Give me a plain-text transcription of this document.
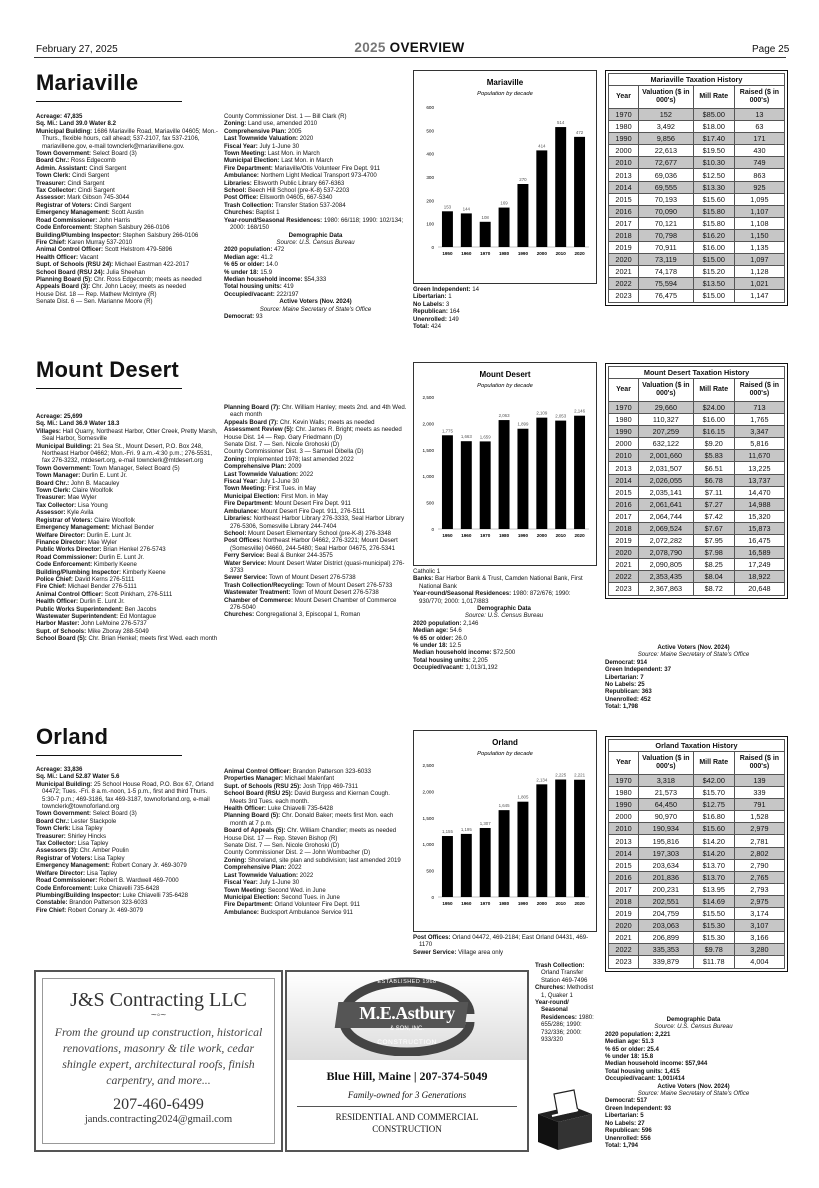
February 27, 2025	2025 OVERVIEW	Page 25
Mariaville
Acreage: 47,835
Sq. Mi.: Land 39.0 Water 8.2
Municipal Building: 1686 Mariaville Road, Mariaville 04605; Mon.-Thurs., flexible hours, call ahead; 537-2107, fax 537-2106, mariavillene.gov, e-mail towncler‌k@mariavillene.gov.
Town Government: Select Board (3)
Board Chr.: Ross Edgecomb
Admin. Assistant: Cindi Sargent
Town Clerk: Cindi Sargent
Treasurer: Cindi Sargent
Tax Collector: Cindi Sargent
Assessor: Mark Gibson 745-3044
Registrar of Voters: Cindi Sargent
Emergency Management: Scott Austin
Road Commissioner: John Harris
Code Enforcement: Stephen Salsbury 266-0106
Building/Plumbing Inspector: Stephen Salsbury 266-0106
Fire Chief: Karen Murray 537-2010
Animal Control Officer: Scott Helstrom 479-5896
Health Officer: Vacant
Supt. of Schools (RSU 24): Michael Eastman 422-2017
School Board (RSU 24): Julia Sheehan
Planning Board (5): Chr. Ross Edgecomb; meets as needed
Appeals Board (3): Chr. John Lacey; meets as needed
House Dist. 18 — Rep. Mathew McIntyre (R)
Senate Dist. 6 — Sen. Marianne Moore (R)
County Commissioner Dist. 1 — Bill Clark (R)
Zoning: Land use, amended 2010
Comprehensive Plan: 2005
Last Townwide Valuation: 2020
Fiscal Year: July 1-June 30
Town Meeting: Last Mon. in March
Municipal Election: Last Mon. in March
Fire Department: Mariaville/Otis Volunteer Fire Dept. 911
Ambulance: Northern Light Medical Transport 973-4700
Libraries: Ellsworth Public Library 667-6363
School: Beech Hill School (pre-K-8) 537-2203
Post Office: Ellsworth 04605, 667-5340
Trash Collection: Transfer Station 537-2084
Churches: Baptist 1
Year-round/Seasonal Residences: 1980: 66/118; 1990: 102/134; 2000: 168/150
Demographic Data
Source: U.S. Census Bureau
2020 population: 472
Median age: 41.2
% 65 or older: 14.0
% under 18: 15.9
Median household income: $54,333
Total housing units: 419
Occupied/vacant: 222/197
Active Voters (Nov. 2024)
Source: Maine Secretary of State's Office
Democrat: 93
Mariaville
Population by decade
0
100
200
300
400
500
600
153
1950
144
1960
108
1970
169
1980
270
1990
414
2000
514
2010
472
2020
Green Independent: 14
Libertarian: 1
No Labels: 3
Republican: 164
Unenrolled: 149
Total: 424
Mariaville Taxation History
Year	Valuation ($ in 000's)	Mill Rate	Raised ($ in 000's)
1970	152	$85.00	13
1980	3,492	$18.00	63
1990	9,856	$17.40	171
2000	22,613	$19.50	430
2010	72,677	$10.30	749
2013	69,036	$12.50	863
2014	69,555	$13.30	925
2015	70,193	$15.60	1,095
2016	70,090	$15.80	1,107
2017	70,121	$15.80	1,108
2018	70,798	$16.20	1,150
2019	70,911	$16.00	1,135
2020	73,119	$15.00	1,097
2021	74,178	$15.20	1,128
2022	75,594	$13.50	1,021
2023	76,475	$15.00	1,147
Mount Desert
Acreage: 25,699
Sq. Mi.: Land 36.9 Water 18.3
Villages: Hall Quarry, Northeast Harbor, Otter Creek, Pretty Marsh, Seal Harbor, Somesville
Municipal Building: 21 Sea St., Mount Desert, P.O. Box 248, Northeast Harbor 04662; Mon.-Fri. 9 a.m.-4:30 p.m.; 276-5531, fax 276-3232, mtdesert.org, e-mail townclerk@mtdesert.org
Town Government: Town Manager, Select Board (5)
Town Manager: Durlin E. Lunt Jr.
Board Chr.: John B. Macauley
Town Clerk: Claire Woolfolk
Treasurer: Mae Wyler
Tax Collector: Lisa Young
Assessor: Kyle Avila
Registrar of Voters: Claire Woolfolk
Emergency Management: Michael Bender
Welfare Director: Durlin E. Lunt Jr.
Finance Director: Mae Wyler
Public Works Director: Brian Henkel 276-5743
Road Commissioner: Durlin E. Lunt Jr.
Code Enforcement: Kimberly Keene
Building/Plumbing Inspector: Kimberly Keene
Police Chief: David Kerns 276-5111
Fire Chief: Michael Bender 276-5111
Animal Control Officer: Scott Pinkham, 276-5111
Health Officer: Durlin E. Lunt Jr.
Public Works Superintendent: Ben Jacobs
Wastewater Superintendent: Ed Montague
Harbor Master: John LeMoine 276-5737
Supt. of Schools: Mike Zboray 288-5049
School Board (5): Chr. Brian Henkel; meets first Wed. each month
Planning Board (7): Chr. William Hanley; meets 2nd. and 4th Wed. each month
Appeals Board (7): Chr. Kevin Walls; meets as needed
Assessment Review (5): Chr. James R. Bright; meets as needed
House Dist. 14 — Rep. Gary Friedmann (D)
Senate Dist. 7 — Sen. Nicole Grohoski (D)
County Commissioner Dist. 3 — Samuel Dibella (D)
Zoning: Implemented 1978; last amended 2022
Comprehensive Plan: 2009
Last Townwide Valuation: 2022
Fiscal Year: July 1-June 30
Town Meeting: First Tues. in May
Municipal Election: First Mon. in May
Fire Department: Mount Desert Fire Dept. 911
Ambulance: Mount Desert Fire Dept. 911, 276-5111
Libraries: Northeast Harbor Library 276-3333, Seal Harbor Library 276-5306, Somesville Library 244-7404
School: Mount Desert Elementary School (pre-K-8) 276-3348
Post Offices: Northeast Harbor 04662, 276-3221; Mount Desert (Somesville) 04660, 244-5480; Seal Harbor 04675, 276-5341
Ferry Service: Beal & Bunker 244-3575
Water Service: Mount Desert Water District (quasi-municipal) 276-3733
Sewer Service: Town of Mount Desert 276-5738
Trash Collection/Recycling: Town of Mount Desert 276-5733
Wastewater Treatment: Town of Mount Desert 276-5738
Chamber of Commerce: Mount Desert Chamber of Commerce 276-5040
Churches: Congregational 3, Episcopal 1, Roman
Mount Desert
Population by decade
0
500
1,000
1,500
2,000
2,500
1,775
1950
1,663
1960
1,659
1970
2,063
1980
1,899
1990
2,109
2000
2,053
2010
2,146
2020
Catholic 1
Banks: Bar Harbor Bank & Trust, Camden National Bank, First National Bank
Year-round/Seasonal Residences: 1980: 872/676; 1990: 930/770; 2000: 1,017/883
Demographic Data
Source: U.S. Census Bureau
2020 population: 2,146
Median age: 54.6
% 65 or older: 26.0
% under 18: 12.5
Median household income: $72,500
Total housing units: 2,205
Occupied/vacant: 1,013/1,192
Mount Desert Taxation History
Year	Valuation ($ in 000's)	Mill Rate	Raised ($ in 000's)
1970	29,660	$24.00	713
1980	110,327	$16.00	1,765
1990	207,259	$16.15	3,347
2000	632,122	$9.20	5,816
2010	2,001,660	$5.83	11,670
2013	2,031,507	$6.51	13,225
2014	2,026,055	$6.78	13,737
2015	2,035,141	$7.11	14,470
2016	2,061,641	$7.27	14,988
2017	2,064,744	$7.42	15,320
2018	2,069,524	$7.67	15,873
2019	2,072,282	$7.95	16,475
2020	2,078,790	$7.98	16,589
2021	2,090,805	$8.25	17,249
2022	2,353,435	$8.04	18,922
2023	2,367,863	$8.72	20,648
Active Voters (Nov. 2024)
Source: Maine Secretary of State's Office
Democrat: 914
Green Independent: 37
Libertarian: 7
No Labels: 25
Republican: 363
Unenrolled: 452
Total: 1,798
Orland
Acreage: 33,836
Sq. Mi.: Land 52.87 Water 5.6
Municipal Building: 25 School House Road, P.O. Box 67, Orland 04472; Tues. -Fri. 8 a.m.-noon, 1-5 p.m., first and third Thurs. 5:30-7 p.m.; 469-3186, fax 469-3187, townoforland.org, e-mail townclerk@townoforland.org
Town Government: Select Board (3)
Board Chr.: Lester Stackpole
Town Clerk: Lisa Tapley
Treasurer: Shirley Hincks
Tax Collector: Lisa Tapley
Assessors (3): Chr. Amber Poulin
Registrar of Voters: Lisa Tapley
Emergency Management: Robert Conary Jr. 469-3079
Welfare Director: Lisa Tapley
Road Commissioner: Robert B. Wardwell 469-7000
Code Enforcement: Luke Chiavelli 735-6428
Plumbing/Building Inspector: Luke Chiavelli 735-6428
Constable: Brandon Patterson 323-6033
Fire Chief: Robert Conary Jr. 469-3079
Animal Control Officer: Brandon Patterson 323-6033
Properties Manager: Michael Malenfant
Supt. of Schools (RSU 25): Josh Tripp 469-7311
School Board (RSU 25): David Burgess and Kiernan Cough. Meets 3rd Tues. each month.
Health Officer: Luke Chiavelli 735-6428
Planning Board (5): Chr. Donald Baker; meets first Mon. each month at 7 p.m.
Board of Appeals (5): Chr. William Chandler; meets as needed
House Dist. 17 — Rep. Steven Bishop (R)
Senate Dist. 7 — Sen. Nicole Grohoski (D)
County Commissioner Dist. 2 — John Wombacher (D)
Zoning: Shoreland, site plan and subdivision; last amended 2019
Comprehensive Plan: 2022
Last Townwide Valuation: 2022
Fiscal Year: July 1-June 30
Town Meeting: Second Wed. in June
Municipal Election: Second Tues. in June
Fire Department: Orland Volunteer Fire Dept. 911
Ambulance: Bucksport Ambulance Service 911
Orland
Population by decade
0
500
1,000
1,500
2,000
2,500
1,155
1950
1,195
1960
1,307
1970
1,645
1980
1,805
1990
2,134
2000
2,225
2010
2,221
2020
Post Offices: Orland 04472, 469-2184; East Orland 04431, 469-1170
Sewer Service: Village area only
Trash Collection: Orland Transfer Station 469-7496
Churches: Methodist 1, Quaker 1
Year-round/ Seasonal Residences: 1980: 655/286; 1990: 732/336; 2000: 933/320
Orland Taxation History
Year	Valuation ($ in 000's)	Mill Rate	Raised ($ in 000's)
1970	3,318	$42.00	139
1980	21,573	$15.70	339
1990	64,450	$12.75	791
2000	90,970	$16.80	1,528
2010	190,934	$15.60	2,979
2013	195,816	$14.20	2,781
2014	197,303	$14.20	2,802
2015	203,634	$13.70	2,790
2016	201,836	$13.70	2,765
2017	200,231	$13.95	2,793
2018	202,551	$14.69	2,975
2019	204,759	$15.50	3,174
2020	203,063	$15.30	3,107
2021	206,899	$15.30	3,166
2022	335,353	$9.78	3,280
2023	339,879	$11.78	4,004
Demographic Data
Source: U.S. Census Bureau
2020 population: 2,221
Median age: 51.3
% 65 or older: 25.4
% under 18: 15.8
Median household income: $57,944
Total housing units: 1,415
Occupied/vacant: 1,001/414
Active Voters (Nov. 2024)
Source: Maine Secretary of State's Office
Democrat: 517
Green Independent: 93
Libertarian: 5
No Labels: 27
Republican: 596
Unenrolled: 556
Total: 1,794
J&S Contracting LLC
~◦~
From the ground up construction, historical renovations, masonry & tile work, cedar shingle expert, architectural roofs, finish carpentry, and more...
207-460-6499
jands.contracting2024@gmail.com
ESTABLISHED 1968
M.E.Astbury
& SON, INC.
CONSTRUCTION
Blue Hill, Maine | 207-374-5049
Family-owned for 3 Generations
RESIDENTIAL AND COMMERCIAL
CONSTRUCTION
